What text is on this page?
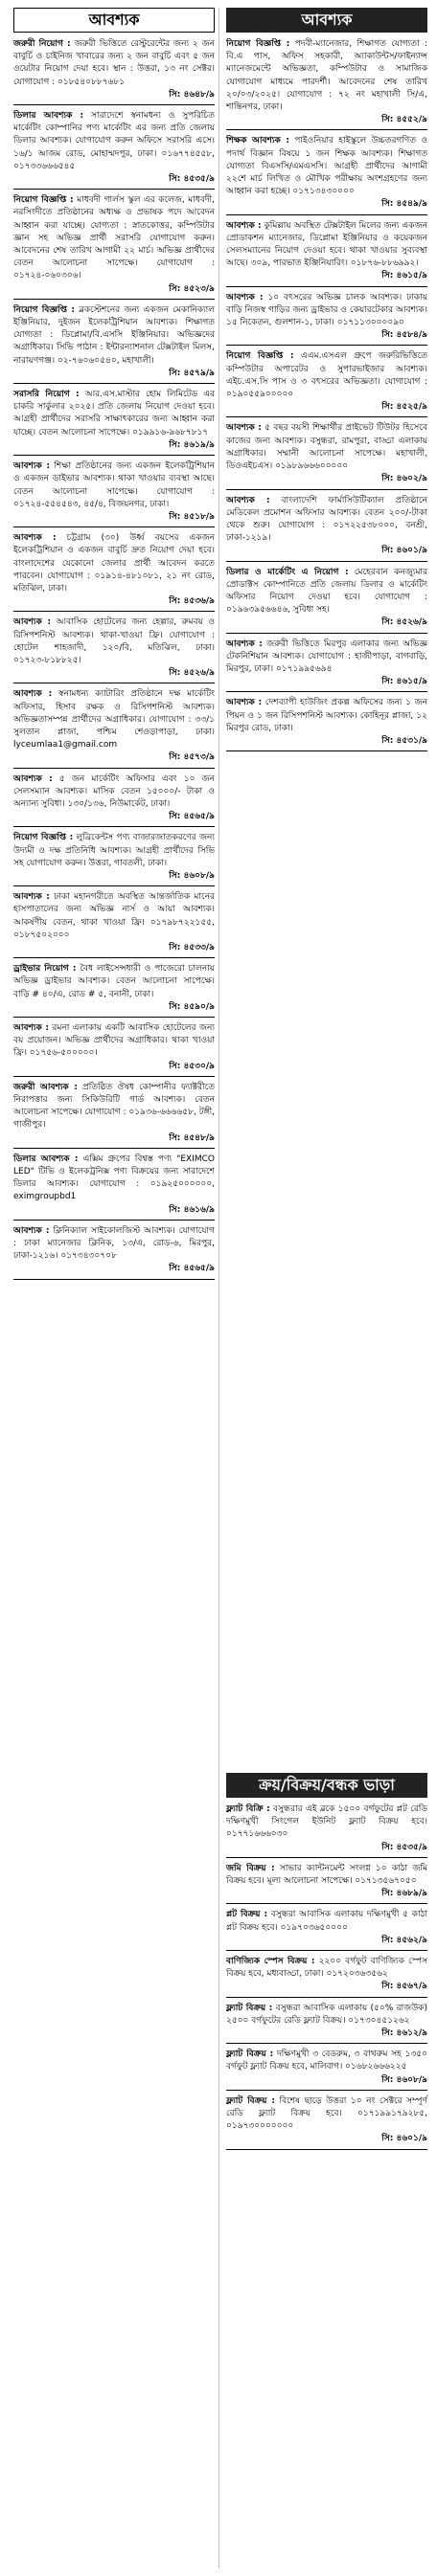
আবশ্যক
জরুরী নিয়োগ : জরুরী ভিত্তিতে রেস্টুরেন্টের জন্য ২ জন বাবুর্চি ও চাইনিজ খাবারের জন্য ২ জন বাবুর্চি এবং ৫ জন ওয়েটার নিয়োগ দেয়া হবে। স্থান : উত্তরা, ১৩ নং সেক্টর। যোগাযোগ : ০১৮৫৪০৮৮৭৬৮১
সি: ৪৬৪৮/৯
ডিলার আবশ্যক : সারাদেশে স্বনামধন্য ও সুপরিচিত মার্কেটিং কোম্পানির পণ্য মার্কেটিং এর জন্য প্রতি জেলায় ডিলার আবশ্যক। যোগাযোগ করুন অফিসে সরাসরি এসে। ১৬/১ আজম রোড, মোহাম্মদপুর, ঢাকা। ০১৬৭৭৪৫৫৮, ০১৭৩৩৬৬৬৫৪৫
সি: ৪৫৩৫/৯
নিয়োগ বিজ্ঞপ্তি : মাধবদী গার্লস স্কুল এর কলেজ, মাধবদী, নরসিংদীতে প্রতিষ্ঠানের অধ্যক্ষ ও প্রভাষক পদে আবেদন আহ্বান করা যাচ্ছে। যোগ্যতা : স্নাতকোত্তর, কম্পিউটার জ্ঞান সহ অভিজ্ঞ প্রার্থী সরাসরি যোগাযোগ করুন। আবেদনের শেষ তারিখ আগামী ২২ মার্চ। অভিজ্ঞ প্রার্থীদের বেতন আলোচনা সাপেক্ষে। যোগাযোগ : ০১৭২৪-০৬০৩০৬।
সি: ৪৫২৩/৯
নিয়োগ বিজ্ঞপ্তি : ব্লকস্টেশনের জন্য একজন মেকানিক্যাল ইঞ্জিনিয়ার, দুইজন ইলেকট্রিশিয়ান আবশ্যক। শিক্ষাগত যোগ্যতা : ডিপ্লোমা/বি.এসসি ইঞ্জিনিয়ার। অভিজ্ঞদের অগ্রাধিকার। সিভি পাঠান : ইন্টারন্যাশনাল টেক্সটাইল মিলস, নারায়ণগঞ্জ। ০২-৭৬০৬০৫৪০, মহাখালী।
সি: ৪৫৭৯/৯
সরাসরি নিয়োগ : আর.এস.মাস্টার হোম লিমিটেড এর চাকরি সার্কুলার ২০২৫। প্রতি জেলায় নিয়োগ দেওয়া হবে। আগ্রহী প্রার্থীদের সরাসরি সাক্ষাৎকারের জন্য আহ্বান করা যাচ্ছে। বেতন আলোচনা সাপেক্ষে। ০১৯৯১৬-৯৬৮৭৮১৭
সি: ৪৬১৯/৯
আবশ্যক : শিক্ষা প্রতিষ্ঠানের জন্য একজন ইলেকট্রিশিয়ান ও একজন ডাইভার আবশ্যক। থাকা খাওয়ার ব্যবস্থা আছে। বেতন আলোচনা সাপেক্ষে। যোগাযোগ : ০১৭২৪-৫৫৪৫৪৩, ৪৫/৪, বিজয়নগর, ঢাকা।
সি: ৪৫১৮/৯
আবশ্যক : চট্টগ্রাম (৩০) উর্ধ্ব বয়সের একজন ইলেকট্রিশিয়ান ও একজন বাবুর্চি দ্রুত নিয়োগ দেয়া হবে। বাংলাদেশের যেকোনো জেলার প্রার্থী আবেদন করতে পারবেন। যোগাযোগ : ০১৯১৪-৪৮১০৮১, ২১ নং রোড, মতিঝিল, ঢাকা।
সি: ৪৫৩৬/৯
আবশ্যক : আবাসিক হোটেলের জন্য হেল্পার, রুমবয় ও রিসিপশনিস্ট আবশ্যক। থাকা-খাওয়া ফ্রি। যোগাযোগ : হোটেল শাহজাদী, ১২০/বি, মতিঝিল, ঢাকা। ০১৭২৩-৮১৮৮২৫।
সি: ৪৫২৬/৯
আবশ্যক : স্বনামধন্য ক্যাটারিং প্রতিষ্ঠানে দক্ষ মার্কেটিং অফিসার, হিসাব রক্ষক ও রিসিপশনিস্ট আবশ্যক। অভিজ্ঞতাসম্পন্ন প্রার্থীদের অগ্রাধিকার। যোগাযোগ : ৩৩/১ সুলতান প্লাজা, পশ্চিম শেওড়াপাড়া, ঢাকা। lyceumlaa1@gmail.com
সি: ৪৫৭৩/৯
আবশ্যক : ৫ জন মার্কেটিং অফিসার এবং ১০ জন সেলসম্যান আবশ্যক। মাসিক বেতন ১৫০০০/- টাকা ও অন্যান্য সুবিধা। ১৩০/১৩৬, নিউমার্কেট, ঢাকা।
সি: ৪৫৬৫/৯
নিয়োগ বিজ্ঞপ্তি : লুব্রিকেন্টস পণ্য বাজারজাতকরণের জন্য উদ্যমী ও দক্ষ প্রতিনিধি আবশ্যক। আগ্রহী প্রার্থীদের সিভি সহ যোগাযোগ করুন। উত্তরা, গাবতলী, ঢাকা।
সি: ৪৬০৮/৯
আবশ্যক : ঢাকা মহানগরীতে অবস্থিত আন্তর্জাতিক মানের হাসপাতালের জন্য অভিজ্ঞ নার্স ও আয়া আবশ্যক। আকর্ষণীয় বেতন, থাকা খাওয়া ফ্রি। ০১৭৯৮৭২২১৫৫, ০১৮৭৫০২০০০
সি: ৪৫৩৩/৯
ড্রাইভার নিয়োগ : বৈধ লাইসেন্সধারী ও পাজেরো চালনায় অভিজ্ঞ ড্রাইভার আবশ্যক। বেতন আলোচনা সাপেক্ষে। বাড়ি # ৪০/এ, রোড # ৫, বনানী, ঢাকা।
সি: ৪৫৯০/৯
আবশ্যক : রমনা এলাকায় একটি আবাসিক হোটেলের জন্য বয় প্রয়োজন। অভিজ্ঞ প্রার্থীদের অগ্রাধিকার। থাকা খাওয়া ফ্রি। ০১৭৫৬-৫০০০০০।
সি: ৪৫৩০/৯
জরুরী আবশ্যক : প্রতিষ্ঠিত ঔষধ কোম্পানীর ফ্যাক্টরীতে নিরাপত্তার জন্য সিকিউরিটি গার্ড আবশ্যক। বেতন আলোচনা সাপেক্ষে। যোগাযোগ : ০১৯৩৬-৬৬৬৬৫৮, টঙ্গী, গাজীপুর।
সি: ৪৫৪৮/৯
ডিলার আবশ্যক : এক্সিম গ্রুপের বিশ্বস্ত পণ্য "EXIMCO LED" টিভি ও ইলেকট্রনিক্স পণ্য বিক্রয়ের জন্য সারাদেশে ডিলার আবশ্যক। যোগাযোগ : ০১৯২৫০০০০০০, eximgroupbd1
সি: ৪৬১৬/৯
আবশ্যক : ক্লিনিক্যাল সাইকোলজিস্ট আবশ্যক। যোগাযোগ : ঢাকা ম্যানেজার ক্লিনিক, ১৩/এ, রোড-৬, মিরপুর, ঢাকা-১২১৬। ০১৭৩৪৩০৭০৮
সি: ৪৫৬৫/৯
আবশ্যক
নিয়োগ বিজ্ঞপ্তি : পদবী-ম্যানেজার, শিক্ষাগত যোগ্যতা : বি.এ পাস, অফিস সহকারী, অ্যাকাউন্টস/ফাইন্যান্স ম্যানেজমেন্টে অভিজ্ঞতা, কম্পিউটার ও সামাজিক যোগাযোগ মাধ্যমে পারদর্শী। আবেদনের শেষ তারিখ ২০/০৩/২০২৫। যোগাযোগ : ৭২ নং মহাখালী সি/এ, শান্তিনগর, ঢাকা।
সি: ৪৫৫২/৯
শিক্ষক আবশ্যক : পাইওনিয়ার হাইস্কুলে উচ্চতরগণিত ও পদার্থ বিজ্ঞান বিষয়ে ১ জন শিক্ষক আবশ্যক। শিক্ষাগত যোগ্যতা বিএসসি/এমএসসি। আগ্রহী প্রার্থীদের আগামী ২২শে মার্চ লিখিত ও মৌখিক পরীক্ষায় অংশগ্রহণের জন্য আহ্বান করা হচ্ছে। ০১৭১৩৪৩০০০০
সি: ৪৫৪৯/৯
আবশ্যক : কুমিল্লায় অবস্থিত টেক্সটাইল মিলের জন্য একজন প্রোডাকশন ম্যানেজার, ডিপ্লোমা ইঞ্জিনিয়ার ও কয়েকজন সেলসম্যানের নিয়োগ দেওয়া হবে। থাকা খাওয়ার সুব্যবস্থা আছে। ৩০৯, পারভাত ইঞ্জিনিয়ারিং। ০১৮৭৬-৮৮৬৯৯২।
সি: ৪৬১৫/৯
আবশ্যক : ১০ বৎসরের অভিজ্ঞ চালক আবশ্যক। ঢাকায় বাড়ি নিজস্ব গাড়ির জন্য ড্রাইভার ও কেয়ারটেকার আবশ্যক। ১৫ নিকেতন, গুলশান-১, ঢাকা। ০১৭১১৩০০০০৯০
সি: ৪৫৮৪/৯
নিয়োগ বিজ্ঞপ্তি : এএম.এসএল গ্রুপে জরুরিভিত্তিতে কম্পিউটার অপারেটর ও সুপারভাইজার আবশ্যক। এইচ.এস.সি পাস ও ৩ বৎসরের অভিজ্ঞতা। যোগাযোগ : ০১৯০৫৫৯০০০০০
সি: ৪৫২৫/৯
আবশ্যক : ৫ বছর বয়সী শিক্ষার্থীর প্রাইভেট টিউটর হিসেবে কাজের জন্য আবশ্যক। বসুন্ধরা, রামপুরা, বাড্ডা এলাকায় অগ্রাধিকার। সম্মানী আলোচনা সাপেক্ষে। মহাখালী, ডিওএইচএস। ০১৯৮৯৬৬৬০০০০০
সি: ৪৬০২/৯
আবশ্যক : বাংলাদেশি ফার্মাসিউটিক্যাল প্রতিষ্ঠানে মেডিকেল প্রমোশন অফিসার আবশ্যক। বেতন ২০০/-টাকা থেকে শুরু। যোগাযোগ : ০১৭২২৫৩৮০০০, বনশ্রী, ঢাকা-১২১৯।
সি: ৪৬০১/৯
ডিলার ও মার্কেটিং এ নিয়োগ : মেহেরবান কনজ্যুমার প্রোডাক্টস কোম্পানিতে প্রতি জেলায় ডিলার ও মার্কেটিং অফিসার নিয়োগ দেওয়া হবে। যোগাযোগ : ০১৯৬৩৯৫৬৬৪৬, সুবিধা সহ।
সি: ৪৫২৬/৯
আবশ্যক : জরুরী ভিত্তিতে মিরপুর এলাকার জন্য অভিজ্ঞ টেকনিশিয়ান আবশ্যক। যোগাযোগ : হাজীপাড়া, বাগবাড়ি, মিরপুর, ঢাকা। ০১৭১৯৯৫৬৯৪
সি: ৪৬১৫/৯
আবশ্যক : দেশব্যাপী হাউজিং প্রকল্প অফিসের জন্য ১ জন পিয়ন ও ১ জন রিসিপশনিস্ট আবশ্যক। কোহিনূর প্লাজা, ১২ মিরপুর রোড, ঢাকা।
সি: ৪৫৩১/৯
ক্রয়/বিক্রয়/বন্ধক ভাড়া
ফ্ল্যাট বিক্রি : বসুন্ধরার এই ব্লকে ১৫০০ বর্গফুটের প্লট রেডি দক্ষিণমুখী সিংগেল ইউনিট ফ্ল্যাট বিক্রয় হবে। ০১৭৭১৬৬৬০৩০
সি: ৪৫৩৫/৯
জমি বিক্রয় : সাভার ক্যান্টনমেন্ট সংলগ্ন ১০ কাঠা জমি বিক্রয় হবে। মূল্য আলোচনা সাপেক্ষে। ০১৭১৩৫৬৭০৫০
সি: ৪৬৮৯/৯
প্লট বিক্রয় : বসুন্ধরা আবাসিক এলাকায় দক্ষিণমুখী ৫ কাঠা প্লট বিক্রয় হবে। ০১৯৭০৩৬৫০০০০
সি: ৪৫৬২/৯
বাণিজ্যিক স্পেস বিক্রয় : ২২০০ বর্গফুট বাণিজ্যিক স্পেস বিক্রয় হবে, মধ্যবাড্ডা, ঢাকা। ০১৭২০৩৬৩৫৬২
সি: ৪৫৬৭/৯
ফ্ল্যাট বিক্রয় : বসুন্ধরা আবাসিক এলাকায় (৫০% রাজউক) ২৫০০ বর্গফুটের রেডি ফ্ল্যাট বিক্রয়। ০১৭৩০৪৫১২৬২
সি: ৪৬১২/৯
ফ্ল্যাট বিক্রয় : দক্ষিণমুখী ৩ বেডরুম, ৩ বাথরুম সহ ১৩৫০ বর্গফুট ফ্ল্যাট বিক্রয় হবে, মালিবাগ। ০১৬৮২৬৬৬২২৫
সি: ৪৬০৮/৯
ফ্ল্যাট বিক্রয় : বিশেষ ছাড়ে উত্তরা ১০ নং সেক্টরে সম্পূর্ণ রেডি ফ্ল্যাট বিক্রয় হবে। ০১৭১৯৯১৭৯২৮৫, ০১৯৭৩০০০০০০০
সি: ৪৬০১/৯
